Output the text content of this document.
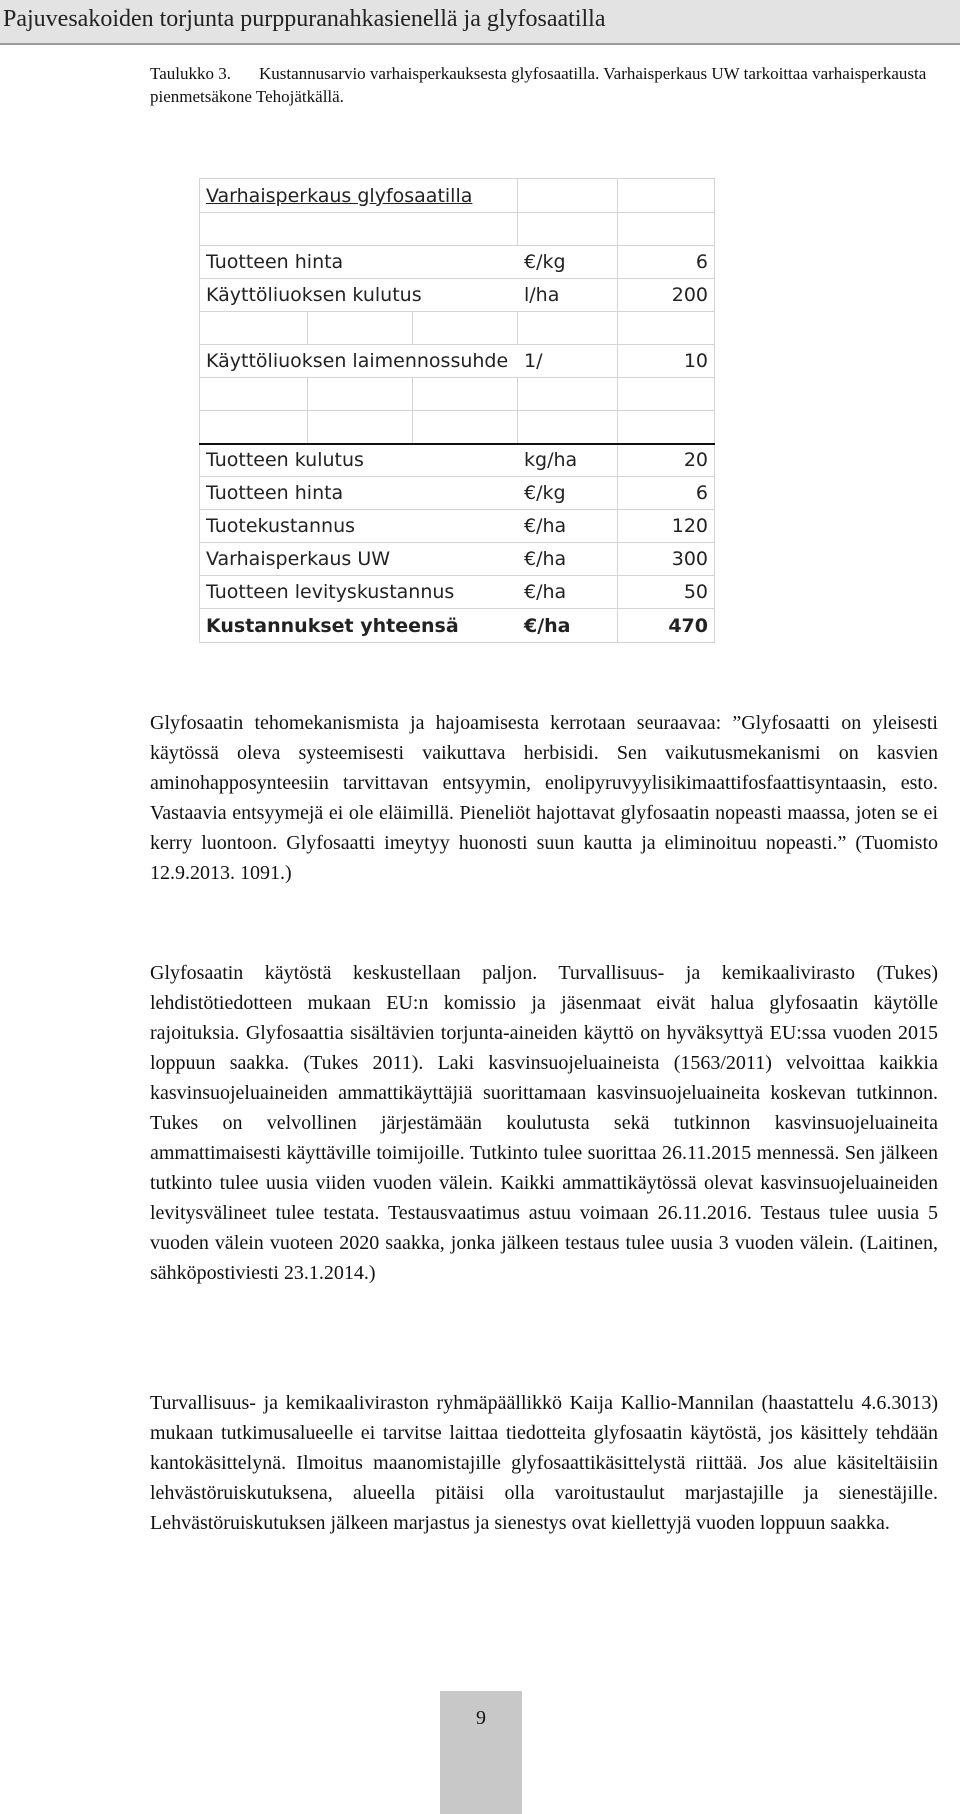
Pajuvesakoiden torjunta purppuranahkasienellä ja glyfosaatilla
Taulukko 3. Kustannusarvio varhaisperkauksesta glyfosaatilla. Varhaisperkaus UW tarkoittaa varhaisperkausta pienmetsäkone Tehojätkällä.
Varhaisperkaus glyfosaatilla				

Tuotteen hinta			€/kg	6
Käyttöliuoksen kulutus			l/ha	200

Käyttöliuoksen laimennossuhde			1/	10

Tuotteen kulutus			kg/ha	20
Tuotteen hinta			€/kg	6
Tuotekustannus			€/ha	120
Varhaisperkaus UW			€/ha	300
Tuotteen levityskustannus			€/ha	50
Kustannukset yhteensä			€/ha	470

Glyfosaatin tehomekanismista ja hajoamisesta kerrotaan seuraavaa: ”Glyfosaatti on yleisesti käytössä oleva systeemisesti vaikuttava herbisidi. Sen vaikutusmekanismi on kasvien aminohapposynteesiin tarvittavan entsyymin, enolipyruvyylisikimaattifosfaattisyntaasin, esto. Vastaavia entsyymejä ei ole eläimillä. Pieneliöt hajottavat glyfosaatin nopeasti maassa, joten se ei kerry luontoon. Glyfosaatti imeytyy huonosti suun kautta ja eliminoituu nopeasti.” (Tuomisto 12.9.2013. 1091.)

Glyfosaatin käytöstä keskustellaan paljon. Turvallisuus- ja kemikaalivirasto (Tukes) lehdistötiedotteen mukaan EU:n komissio ja jäsenmaat eivät halua glyfosaatin käytölle rajoituksia. Glyfosaattia sisältävien torjunta-aineiden käyttö on hyväksyttyä EU:ssa vuoden 2015 loppuun saakka. (Tukes 2011). Laki kasvinsuojeluaineista (1563/2011) velvoittaa kaikkia kasvinsuojeluaineiden ammattikäyttäjiä suorittamaan kasvinsuojeluaineita koskevan tutkinnon. Tukes on velvollinen järjestämään koulutusta sekä tutkinnon kasvinsuojeluaineita ammattimaisesti käyttäville toimijoille. Tutkinto tulee suorittaa 26.11.2015 mennessä. Sen jälkeen tutkinto tulee uusia viiden vuoden välein. Kaikki ammattikäytössä olevat kasvinsuojeluaineiden levitysvälineet tulee testata. Testausvaatimus astuu voimaan 26.11.2016. Testaus tulee uusia 5 vuoden välein vuoteen 2020 saakka, jonka jälkeen testaus tulee uusia 3 vuoden välein. (Laitinen, sähköpostiviesti 23.1.2014.)

Turvallisuus- ja kemikaaliviraston ryhmäpäällikkö Kaija Kallio-Mannilan (haastattelu 4.6.3013) mukaan tutkimusalueelle ei tarvitse laittaa tiedotteita glyfosaatin käytöstä, jos käsittely tehdään kantokäsittelynä. Ilmoitus maanomistajille glyfosaattikäsittelystä riittää. Jos alue käsiteltäisiin lehvästöruiskutuksena, alueella pitäisi olla varoitustaulut marjastajille ja sienestäjille. Lehvästöruiskutuksen jälkeen marjastus ja sienestys ovat kiellettyjä vuoden loppuun saakka.

9
